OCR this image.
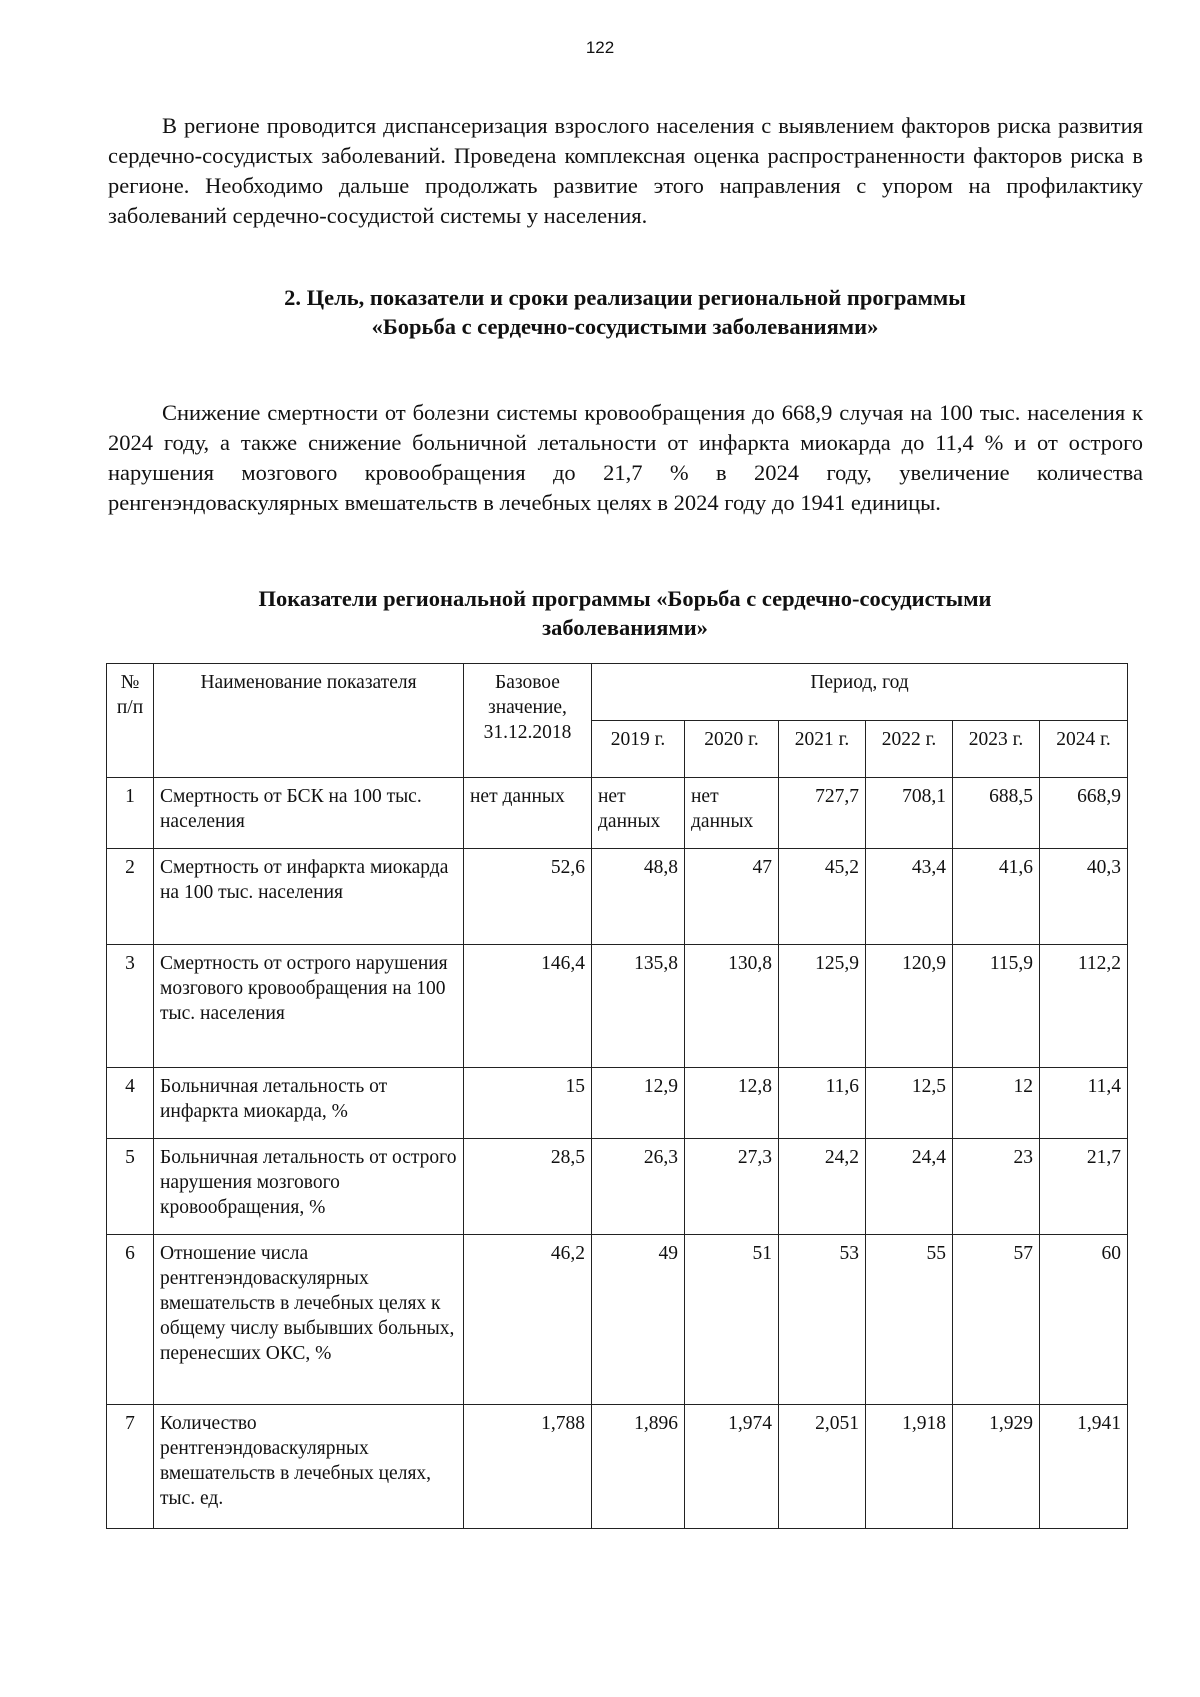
122

В регионе проводится диспансеризация взрослого населения с выявлением факторов риска развития сердечно-сосудистых заболеваний. Проведена комплексная оценка распространенности факторов риска в регионе. Необходимо дальше продолжать развитие этого направления с упором на профилактику заболеваний сердечно-сосудистой системы у населения.

2. Цель, показатели и сроки реализации региональной программы
«Борьба с сердечно-сосудистыми заболеваниями»

Снижение смертности от болезни системы кровообращения до 668,9 случая на 100 тыс. населения к 2024 году, а также снижение больничной летальности от инфаркта миокарда до 11,4 % и от острого нарушения мозгового кровообращения до 21,7 % в 2024 году, увеличение количества ренгенэндоваскулярных вмешательств в лечебных целях в 2024 году до 1941 единицы.

Показатели региональной программы «Борьба с сердечно-сосудистыми
заболеваниями»
№ п/п	Наименование показателя	Базовое значение, 31.12.2018	Период, год					
			2019 г.	2020 г.	2021 г.	2022 г.	2023 г.	2024 г.
1	Смертность от БСК на 100 тыс. населения	нет данных	нет данных	нет данных	727,7	708,1	688,5	668,9
2	Смертность от инфаркта миокарда на 100 тыс. населения	52,6	48,8	47	45,2	43,4	41,6	40,3
3	Смертность от острого нарушения мозгового кровообращения на 100 тыс. населения	146,4	135,8	130,8	125,9	120,9	115,9	112,2
4	Больничная летальность от инфаркта миокарда, %	15	12,9	12,8	11,6	12,5	12	11,4
5	Больничная летальность от острого нарушения мозгового кровообращения, %	28,5	26,3	27,3	24,2	24,4	23	21,7
6	Отношение числа рентгенэндоваскулярных вмешательств в лечебных целях к общему числу выбывших больных, перенесших ОКС, %	46,2	49	51	53	55	57	60
7	Количество рентгенэндоваскулярных вмешательств в лечебных целях, тыс. ед.	1,788	1,896	1,974	2,051	1,918	1,929	1,941
